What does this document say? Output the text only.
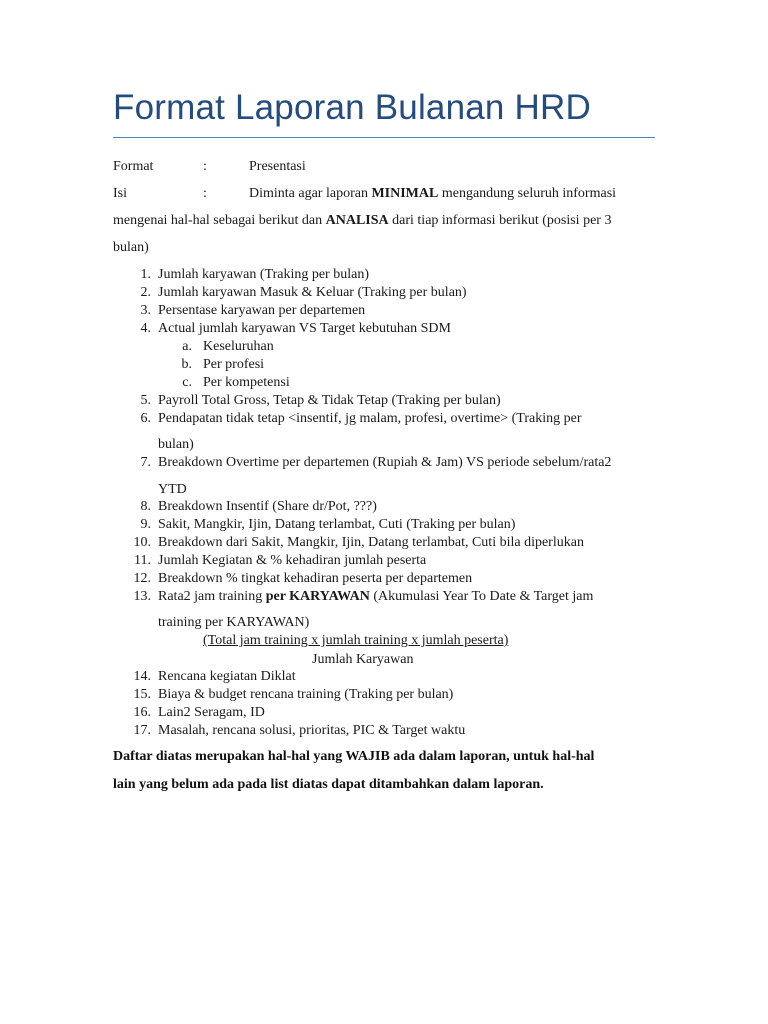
Format Laporan Bulanan HRD
Format	:	Presentasi
Isi	:	Diminta agar laporan MINIMAL mengandung seluruh informasi
mengenai hal-hal sebagai berikut dan ANALISA dari tiap informasi berikut (posisi per 3
bulan)
1. Jumlah karyawan (Traking per bulan)
2. Jumlah karyawan Masuk & Keluar (Traking per bulan)
3. Persentase karyawan per departemen
4. Actual jumlah karyawan VS Target kebutuhan SDM
a. Keseluruhan
b. Per profesi
c. Per kompetensi
5. Payroll Total Gross, Tetap & Tidak Tetap (Traking per bulan)
6. Pendapatan tidak tetap <insentif, jg malam, profesi, overtime> (Traking per
bulan)
7. Breakdown Overtime per departemen (Rupiah & Jam) VS periode sebelum/rata2
YTD
8. Breakdown Insentif (Share dr/Pot, ???)
9. Sakit, Mangkir, Ijin, Datang terlambat, Cuti (Traking per bulan)
10. Breakdown dari Sakit, Mangkir, Ijin, Datang terlambat, Cuti bila diperlukan
11. Jumlah Kegiatan & % kehadiran jumlah peserta
12. Breakdown % tingkat kehadiran peserta per departemen
13. Rata2 jam training per KARYAWAN (Akumulasi Year To Date & Target jam
training per KARYAWAN)
(Total jam training x jumlah training x jumlah peserta)
Jumlah Karyawan
14. Rencana kegiatan Diklat
15. Biaya & budget rencana training (Traking per bulan)
16. Lain2 Seragam, ID
17. Masalah, rencana solusi, prioritas, PIC & Target waktu
Daftar diatas merupakan hal-hal yang WAJIB ada dalam laporan, untuk hal-hal
lain yang belum ada pada list diatas dapat ditambahkan dalam laporan.
